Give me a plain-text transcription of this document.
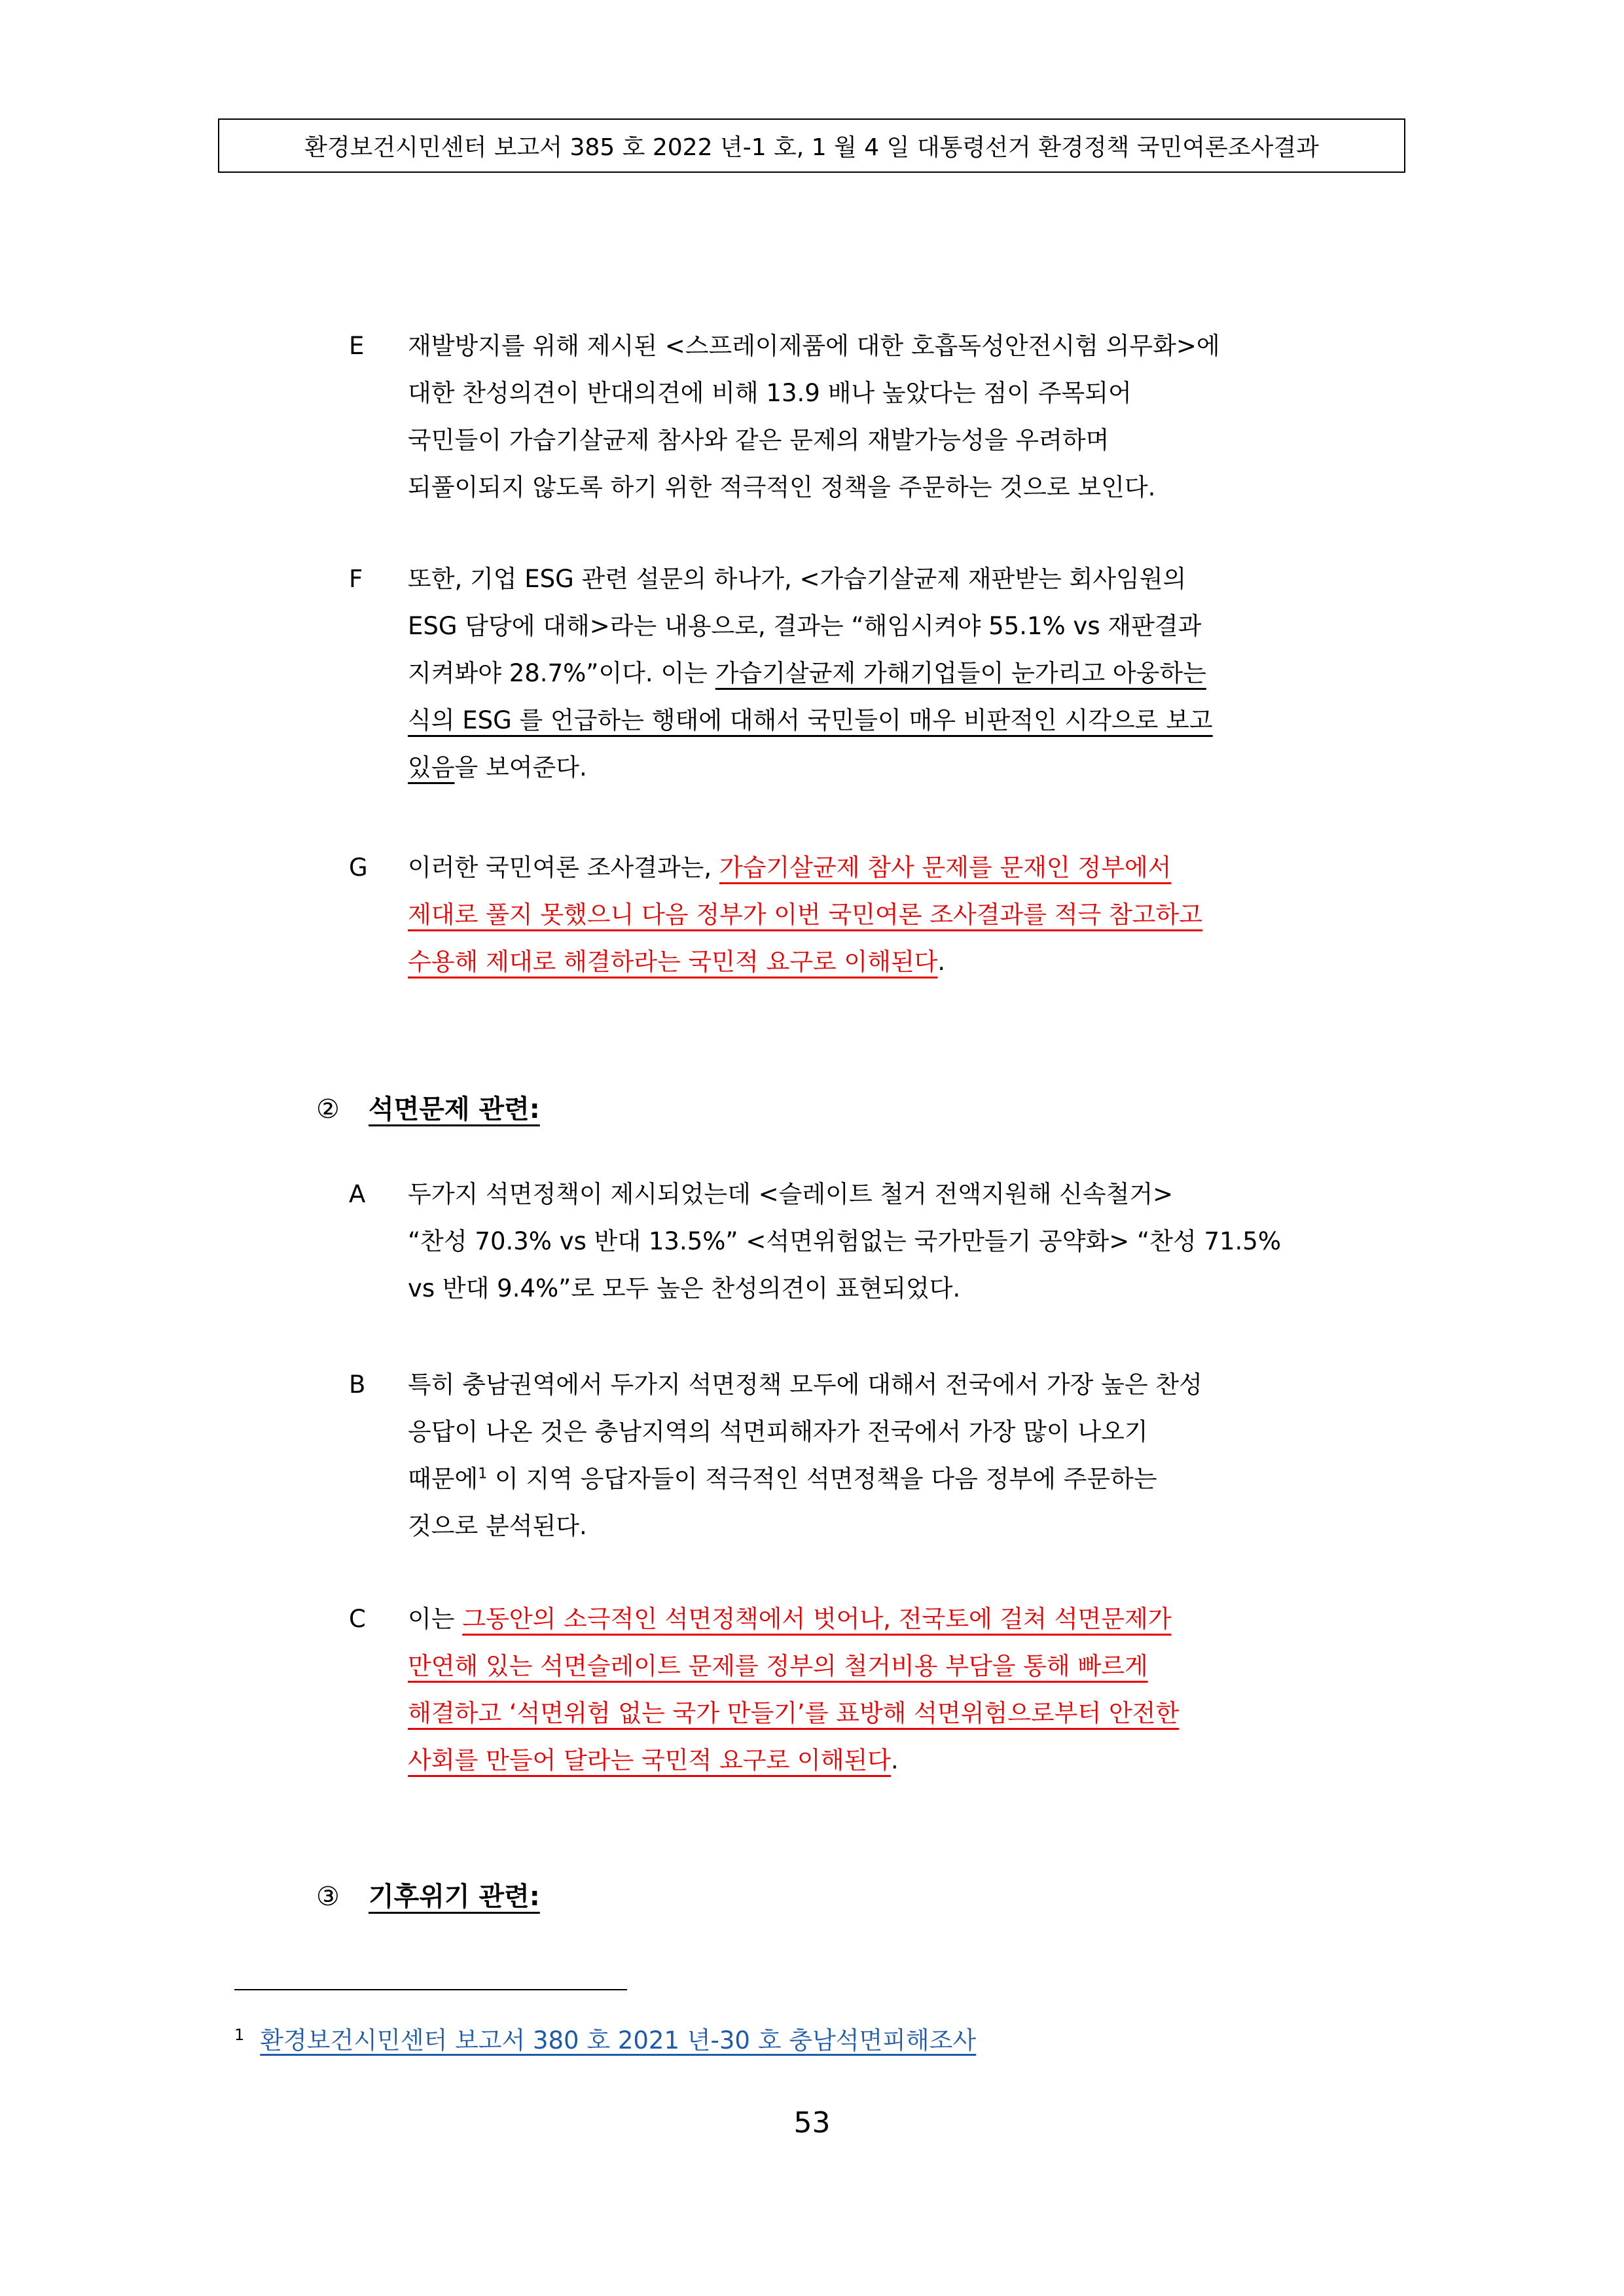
환경보건시민센터 보고서 385 호 2022 년-1 호, 1 월 4 일 대통령선거 환경정책 국민여론조사결과
E 재발방지를 위해 제시된 <스프레이제품에 대한 호흡독성안전시험 의무화>에
대한 찬성의견이 반대의견에 비해 13.9 배나 높았다는 점이 주목되어
국민들이 가습기살균제 참사와 같은 문제의 재발가능성을 우려하며
되풀이되지 않도록 하기 위한 적극적인 정책을 주문하는 것으로 보인다.
F 또한, 기업 ESG 관련 설문의 하나가, <가습기살균제 재판받는 회사임원의
ESG 담당에 대해>라는 내용으로, 결과는 “해임시켜야 55.1% vs 재판결과
지켜봐야 28.7%”이다. 이는 가습기살균제 가해기업들이 눈가리고 아웅하는
식의 ESG 를 언급하는 행태에 대해서 국민들이 매우 비판적인 시각으로 보고
있음을 보여준다.
G 이러한 국민여론 조사결과는, 가습기살균제 참사 문제를 문재인 정부에서
제대로 풀지 못했으니 다음 정부가 이번 국민여론 조사결과를 적극 참고하고
수용해 제대로 해결하라는 국민적 요구로 이해된다.
② 석면문제 관련:
A 두가지 석면정책이 제시되었는데 <슬레이트 철거 전액지원해 신속철거>
“찬성 70.3% vs 반대 13.5%” <석면위험없는 국가만들기 공약화> “찬성 71.5%
vs 반대 9.4%”로 모두 높은 찬성의견이 표현되었다.
B 특히 충남권역에서 두가지 석면정책 모두에 대해서 전국에서 가장 높은 찬성
응답이 나온 것은 충남지역의 석면피해자가 전국에서 가장 많이 나오기
때문에$^1$ 이 지역 응답자들이 적극적인 석면정책을 다음 정부에 주문하는
것으로 분석된다.
C 이는 그동안의 소극적인 석면정책에서 벗어나, 전국토에 걸쳐 석면문제가
만연해 있는 석면슬레이트 문제를 정부의 철거비용 부담을 통해 빠르게
해결하고 ‘석면위험 없는 국가 만들기’를 표방해 석면위험으로부터 안전한
사회를 만들어 달라는 국민적 요구로 이해된다.
③ 기후위기 관련:
$^1$ 환경보건시민센터 보고서 380 호 2021 년-30 호 충남석면피해조사
53
